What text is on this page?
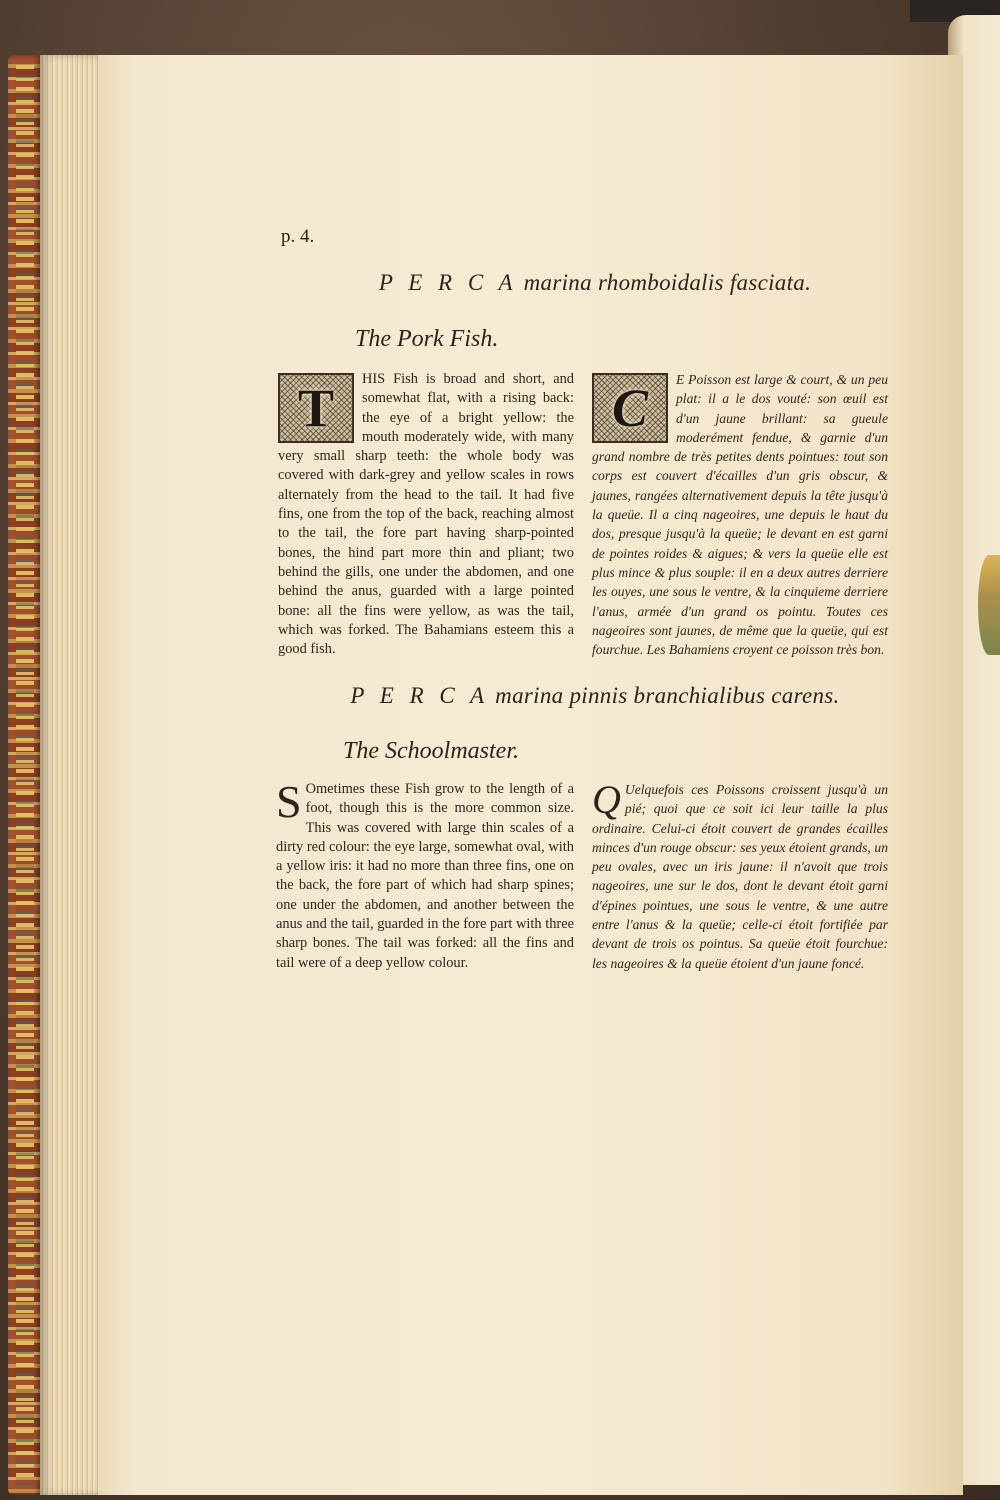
p. 4.
P E R C A marina rhomboidalis fasciata.
The Pork Fish.
T	HIS Fish is broad and short, and somewhat flat, with a rising back: the eye of a bright yellow: the mouth moderately wide, with many very small sharp teeth: the whole body was covered with dark-grey and yellow scales in rows alternately from the head to the tail. It had five fins, one from the top of the back, reaching almost to the tail, the fore part having sharp-pointed bones, the hind part more thin and pliant; two behind the gills, one under the abdomen, and one behind the anus, guarded with a large pointed bone: all the fins were yellow, as was the tail, which was forked. The Bahamians esteem this a good fish.
C	E Poisson est large & court, & un peu plat: il a le dos vouté: son œuil est d'un jaune brillant: sa gueule moderément fendue, & garnie d'un grand nombre de très petites dents pointues: tout son corps est couvert d'écailles d'un gris obscur, & jaunes, rangées alternativement depuis la tête jusqu'à la queüe. Il a cinq nageoires, une depuis le haut du dos, presque jusqu'à la queüe; le devant en est garni de pointes roides & aigues; & vers la queüe elle est plus mince & plus souple: il en a deux autres derriere les ouyes, une sous le ventre, & la cinquieme derriere l'anus, armée d'un grand os pointu. Toutes ces nageoires sont jaunes, de même que la queüe, qui est fourchue. Les Bahamiens croyent ce poisson très bon.
P E R C A marina pinnis branchialibus carens.
The Schoolmaster.
S Ometimes these Fish grow to the length of a foot, though this is the more common size. This was covered with large thin scales of a dirty red colour: the eye large, somewhat oval, with a yellow iris: it had no more than three fins, one on the back, the fore part of which had sharp spines; one under the abdomen, and another between the anus and the tail, guarded in the fore part with three sharp bones. The tail was forked: all the fins and tail were of a deep yellow colour.
Q Uelquefois ces Poissons croissent jusqu'à un pié; quoi que ce soit ici leur taille la plus ordinaire. Celui-ci étoit couvert de grandes écailles minces d'un rouge obscur: ses yeux étoient grands, un peu ovales, avec un iris jaune: il n'avoit que trois nageoires, une sur le dos, dont le devant étoit garni d'épines pointues, une sous le ventre, & une autre entre l'anus & la queüe; celle-ci étoit fortifiée par devant de trois os pointus. Sa queüe étoit fourchue: les nageoires & la queüe étoient d'un jaune foncé.
